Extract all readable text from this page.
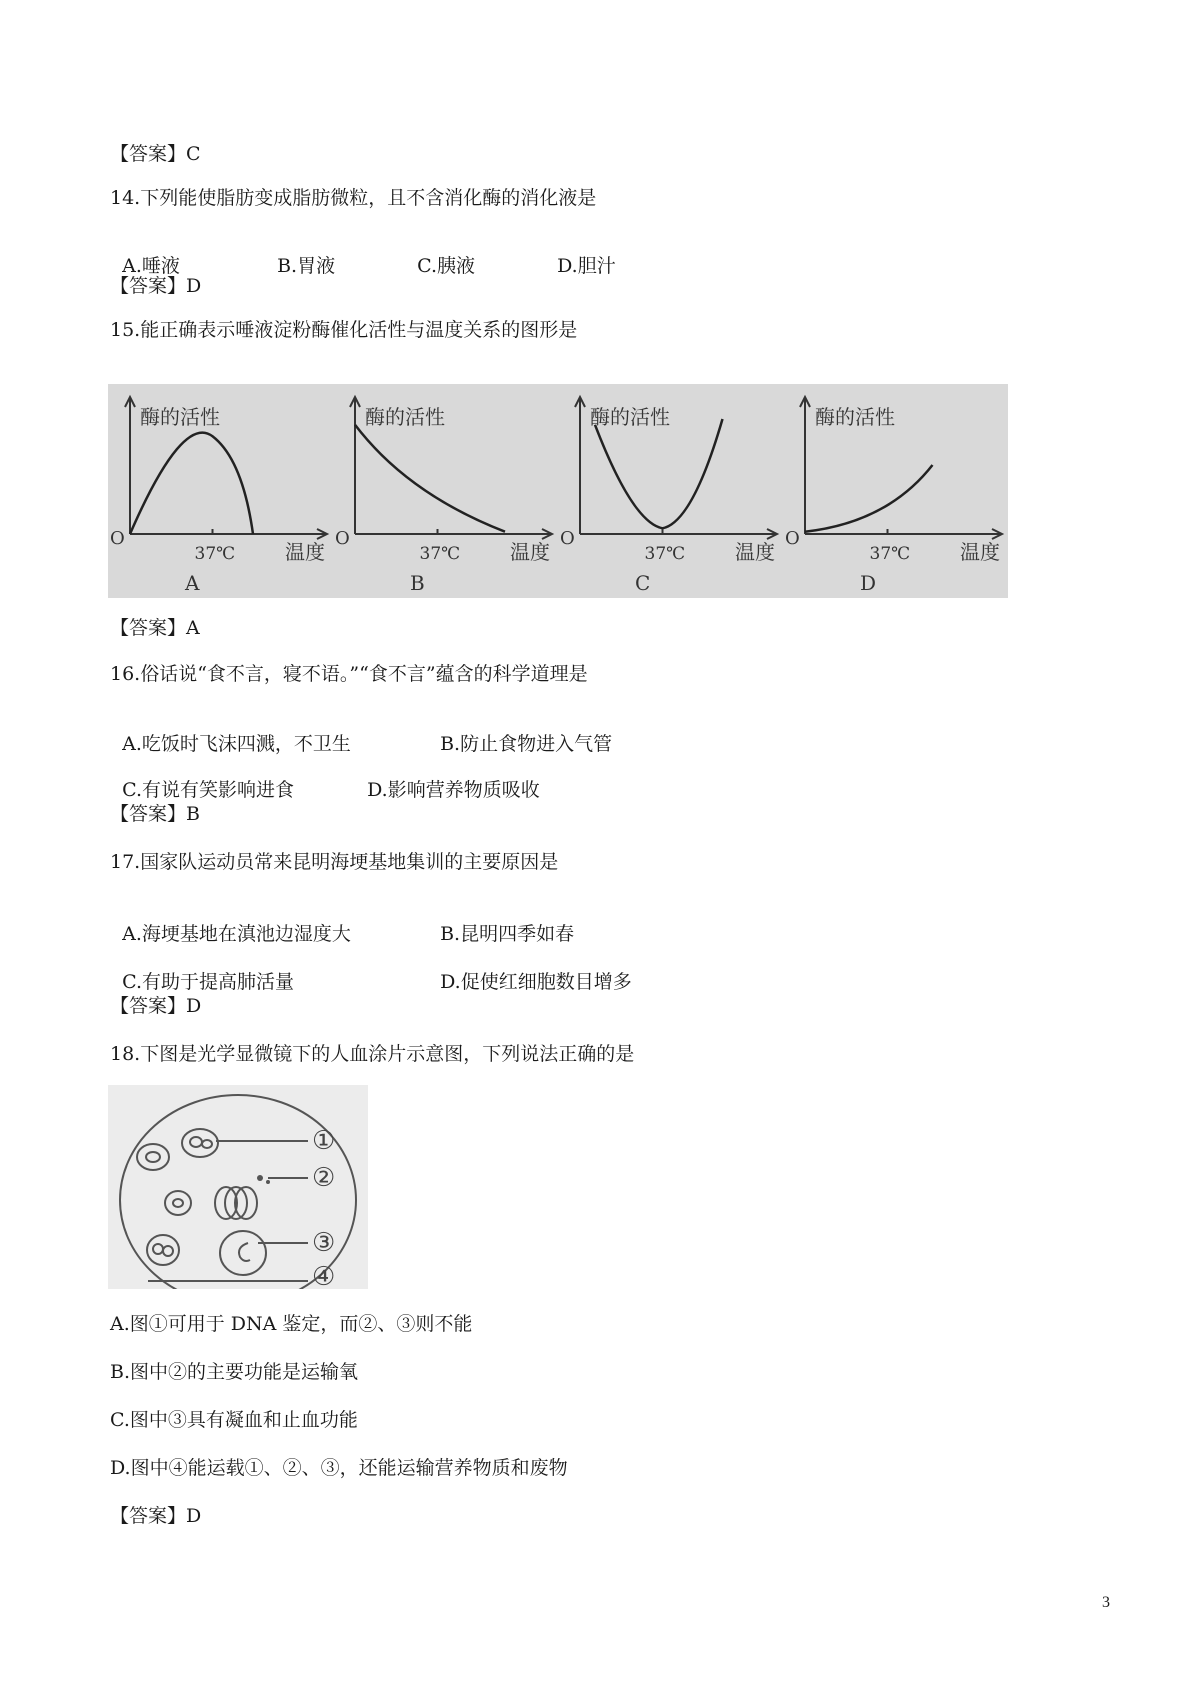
【答案】C
14.下列能使脂肪变成脂肪微粒，且不含消化酶的消化液是

A.唾液	B.胃液	C.胰液	D.胆汁

【答案】D
15.能正确表示唾液淀粉酶催化活性与温度关系的图形是
酶的活性
O
37℃ 温度
A
酶的活性
O
37℃ 温度
B
酶的活性
O
37℃ 温度
C
酶的活性
O
37℃ 温度
D
【答案】A
16.俗话说“食不言，寝不语。”“食不言”蕴含的科学道理是

A.吃饭时飞沫四溅，不卫生	B.防止食物进入气管

C.有说有笑影响进食	D.影响营养物质吸收

【答案】B
17.国家队运动员常来昆明海埂基地集训的主要原因是

A.海埂基地在滇池边湿度大	B.昆明四季如春

C.有助于提高肺活量	D.促使红细胞数目增多

【答案】D
18.下图是光学显微镜下的人血涂片示意图，下列说法正确的是
①
②
③
④
A.图①可用于 DNA 鉴定，而②、③则不能
B.图中②的主要功能是运输氧
C.图中③具有凝血和止血功能
D.图中④能运载①、②、③，还能运输营养物质和废物
【答案】D
3
